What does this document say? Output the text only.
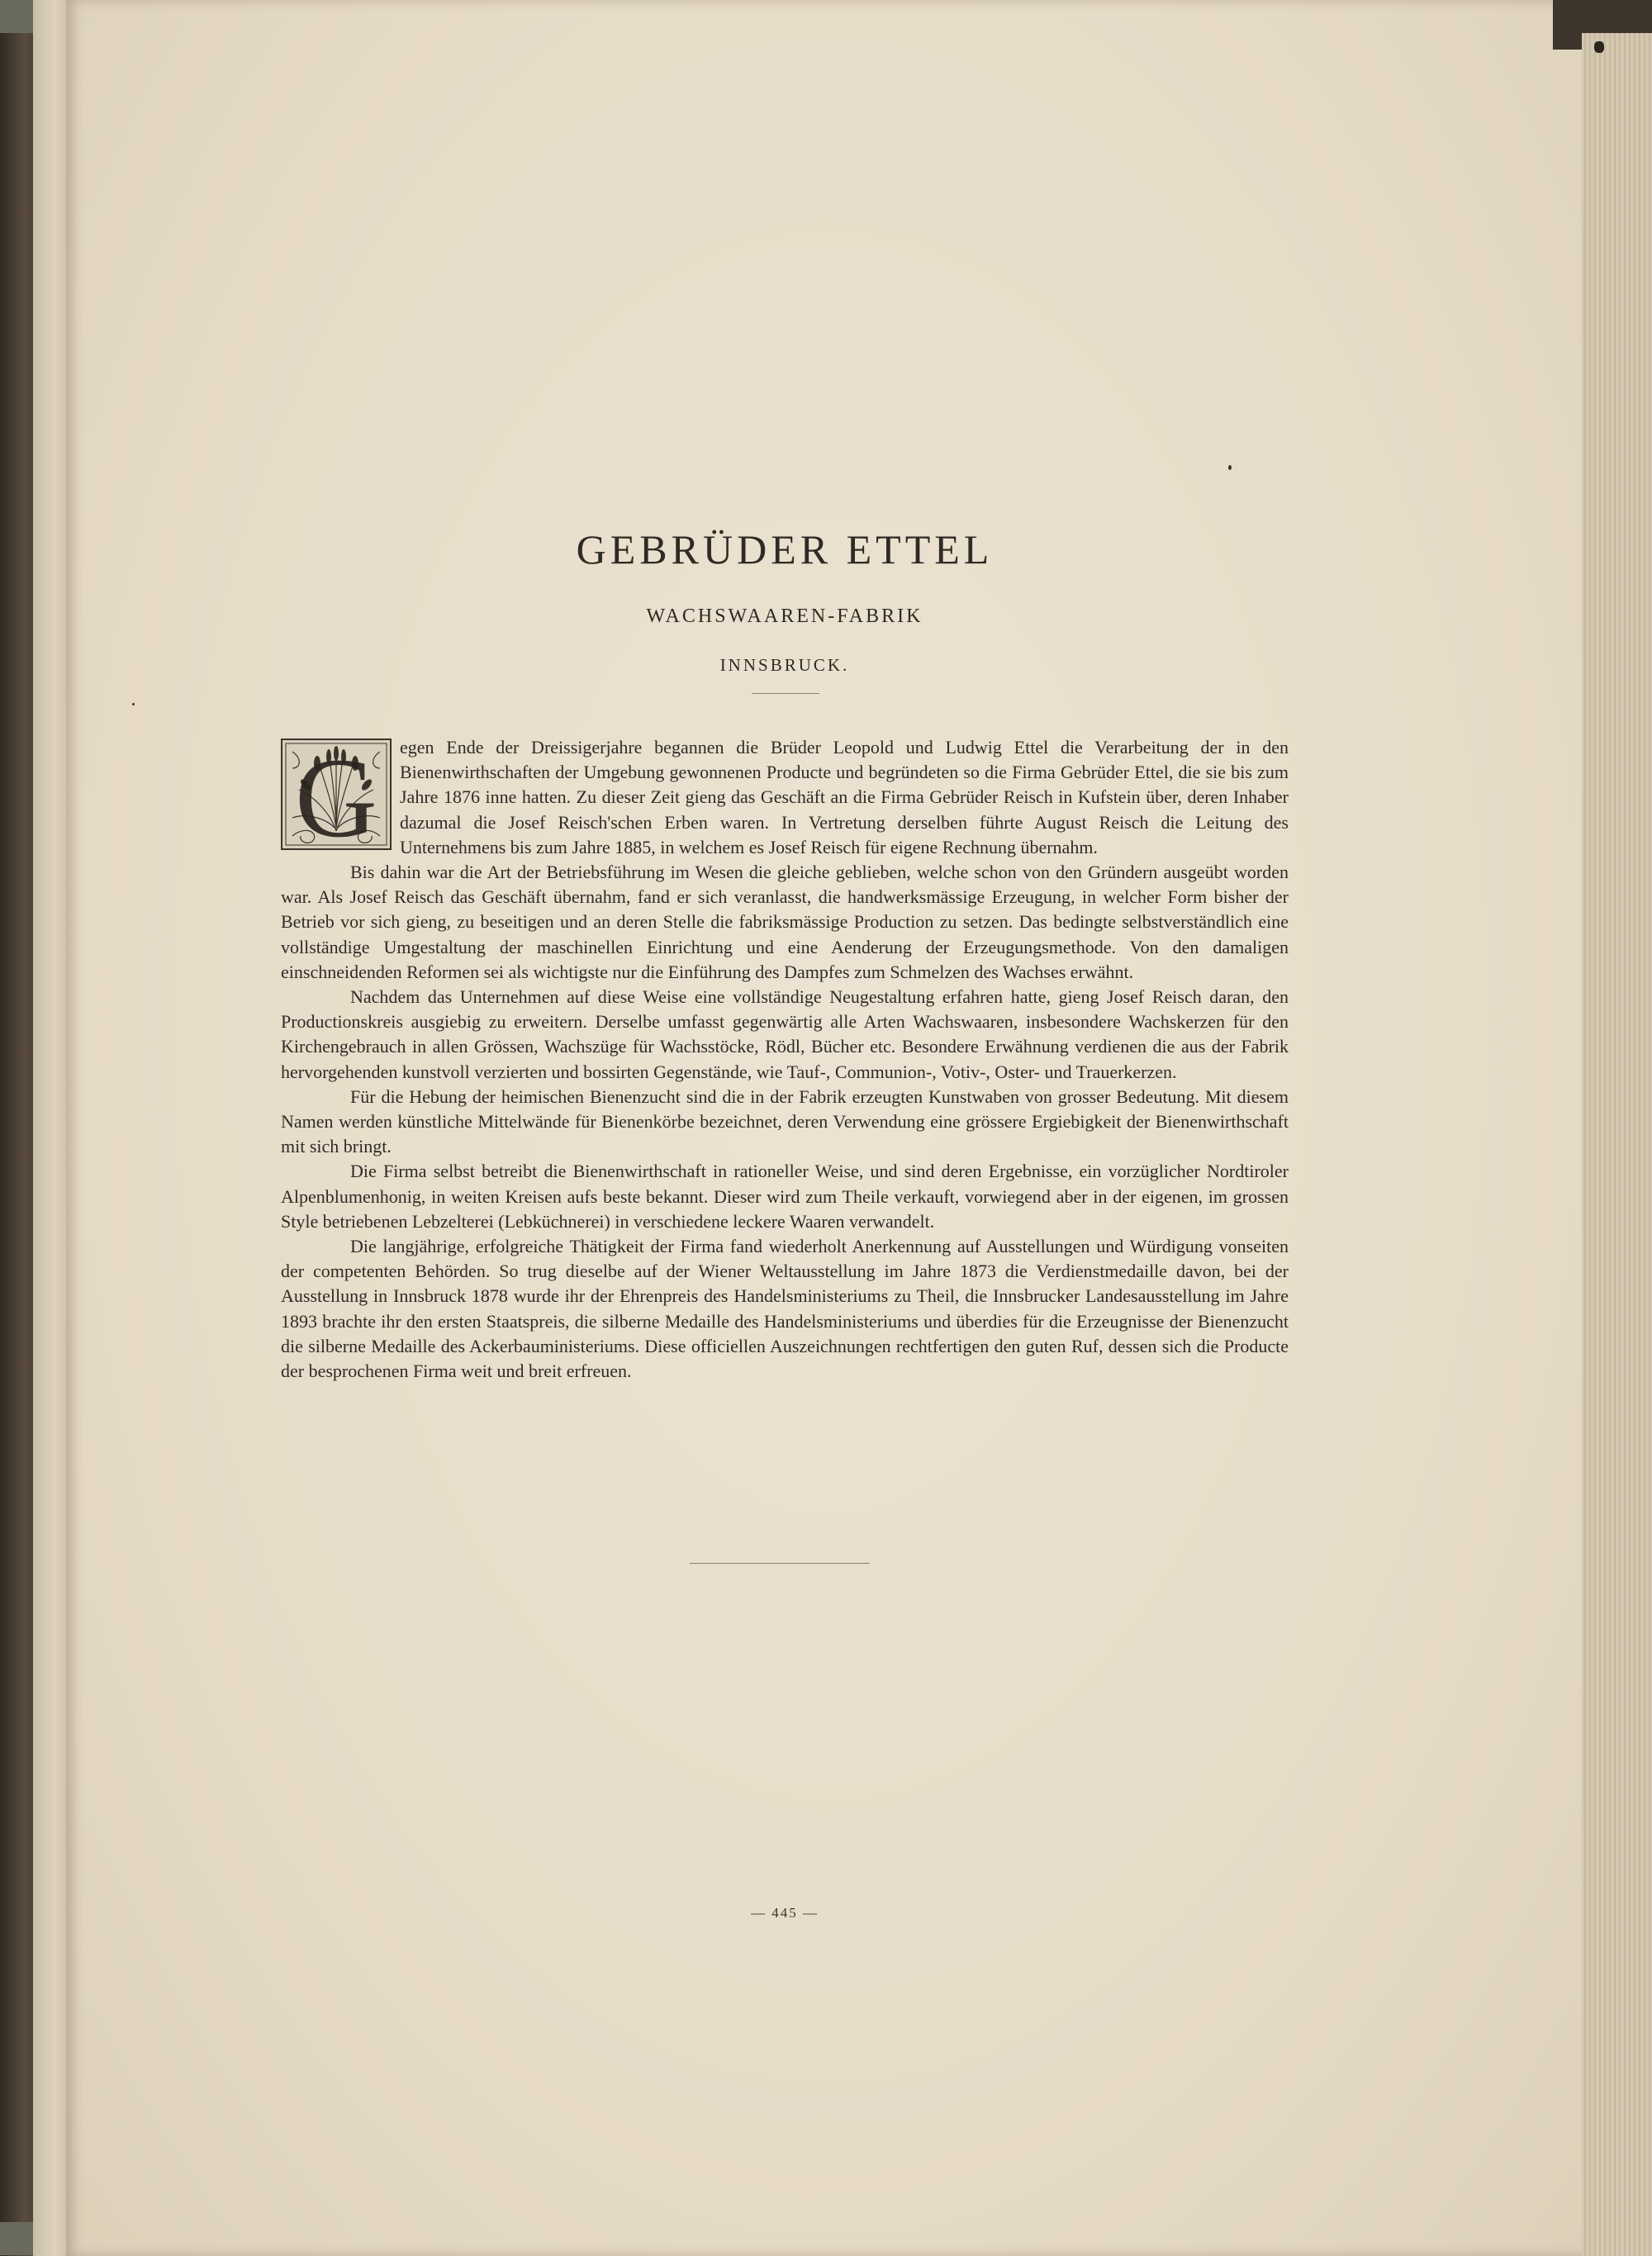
GEBRÜDER ETTEL
WACHSWAAREN-FABRIK
INNSBRUCK.
G	egen Ende der Dreissigerjahre begannen die Brüder Leopold und Ludwig Ettel die Verarbeitung der in den Bienenwirthschaften der Umgebung gewonnenen Producte und begründeten so die Firma Gebrüder Ettel, die sie bis zum Jahre 1876 inne hatten. Zu dieser Zeit gieng das Geschäft an die Firma Gebrüder Reisch in Kufstein über, deren Inhaber dazumal die Josef Reisch'schen Erben waren. In Vertretung derselben führte August Reisch die Leitung des Unternehmens bis zum Jahre 1885, in welchem es Josef Reisch für eigene Rechnung übernahm.

Bis dahin war die Art der Betriebsführung im Wesen die gleiche geblieben, welche schon von den Gründern ausgeübt worden war. Als Josef Reisch das Geschäft übernahm, fand er sich veranlasst, die handwerksmässige Erzeugung, in welcher Form bisher der Betrieb vor sich gieng, zu beseitigen und an deren Stelle die fabriksmässige Production zu setzen. Das bedingte selbstverständlich eine vollständige Umgestaltung der maschinellen Einrichtung und eine Aenderung der Erzeugungsmethode. Von den damaligen einschneidenden Reformen sei als wichtigste nur die Einführung des Dampfes zum Schmelzen des Wachses erwähnt.

Nachdem das Unternehmen auf diese Weise eine vollständige Neugestaltung erfahren hatte, gieng Josef Reisch daran, den Productionskreis ausgiebig zu erweitern. Derselbe umfasst gegenwärtig alle Arten Wachswaaren, insbesondere Wachskerzen für den Kirchengebrauch in allen Grössen, Wachszüge für Wachsstöcke, Rödl, Bücher etc. Besondere Erwähnung verdienen die aus der Fabrik hervorgehenden kunstvoll verzierten und bossirten Gegenstände, wie Tauf-, Communion-, Votiv-, Oster- und Trauerkerzen.

Für die Hebung der heimischen Bienenzucht sind die in der Fabrik erzeugten Kunstwaben von grosser Bedeutung. Mit diesem Namen werden künstliche Mittelwände für Bienenkörbe bezeichnet, deren Verwendung eine grössere Ergiebigkeit der Bienenwirthschaft mit sich bringt.

Die Firma selbst betreibt die Bienenwirthschaft in rationeller Weise, und sind deren Ergebnisse, ein vorzüglicher Nordtiroler Alpenblumenhonig, in weiten Kreisen aufs beste bekannt. Dieser wird zum Theile verkauft, vorwiegend aber in der eigenen, im grossen Style betriebenen Lebzelterei (Lebküchnerei) in verschiedene leckere Waaren verwandelt.

Die langjährige, erfolgreiche Thätigkeit der Firma fand wiederholt Anerkennung auf Ausstellungen und Würdigung vonseiten der competenten Behörden. So trug dieselbe auf der Wiener Weltausstellung im Jahre 1873 die Verdienstmedaille davon, bei der Ausstellung in Innsbruck 1878 wurde ihr der Ehrenpreis des Handelsministeriums zu Theil, die Innsbrucker Landesausstellung im Jahre 1893 brachte ihr den ersten Staatspreis, die silberne Medaille des Handelsministeriums und überdies für die Erzeugnisse der Bienenzucht die silberne Medaille des Ackerbauministeriums. Diese officiellen Auszeichnungen rechtfertigen den guten Ruf, dessen sich die Producte der besprochenen Firma weit und breit erfreuen.

— 445 —
